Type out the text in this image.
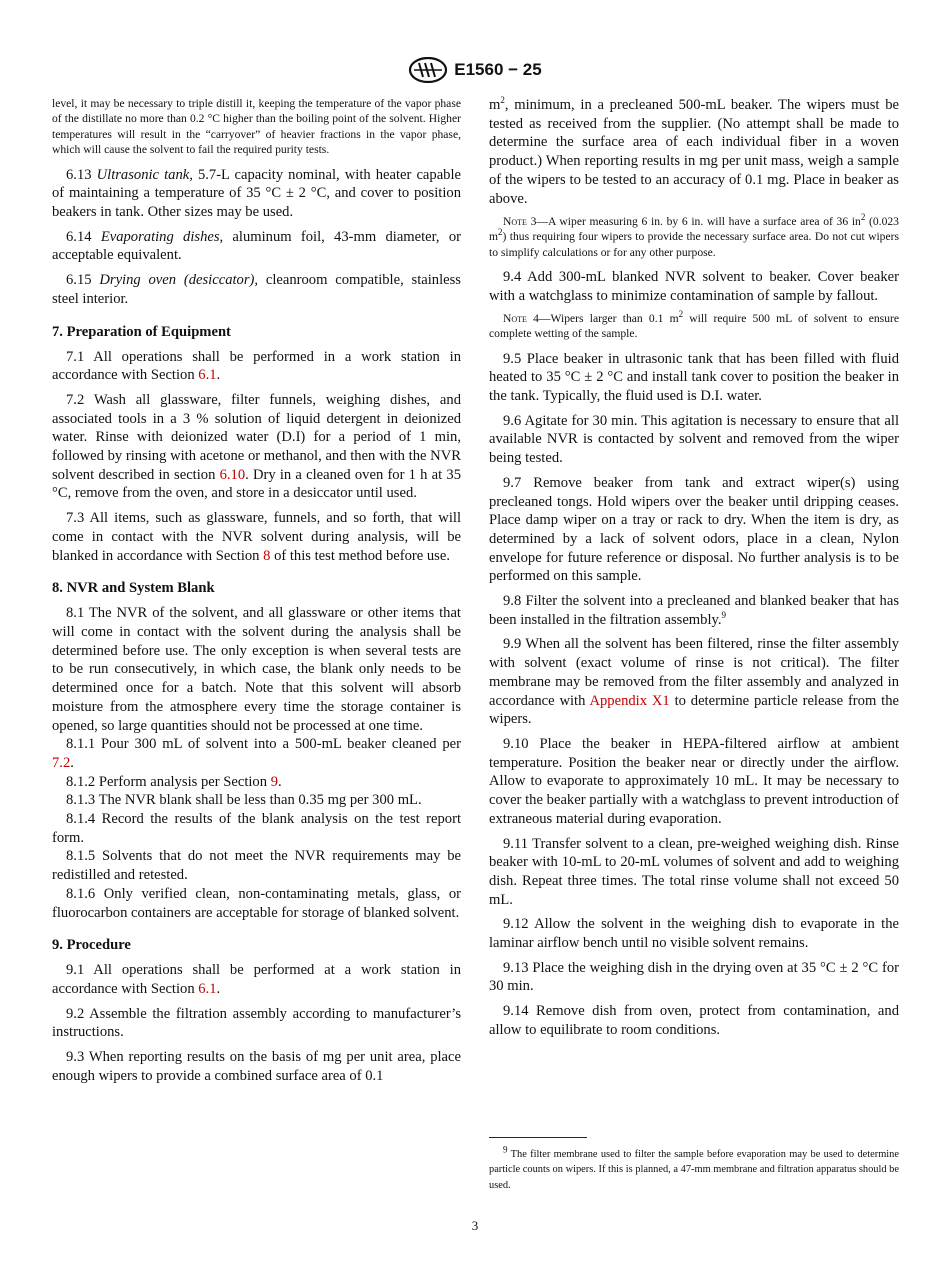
E1560 − 25

level, it may be necessary to triple distill it, keeping the temperature of the vapor phase of the distillate no more than 0.2 °C higher than the boiling point of the solvent. Higher temperatures will result in the “carryover” of heavier fractions in the vapor phase, which will cause the solvent to fail the required purity tests.

6.13 Ultrasonic tank, 5.7-L capacity nominal, with heater capable of maintaining a temperature of 35 °C ± 2 °C, and cover to position beakers in tank. Other sizes may be used.

6.14 Evaporating dishes, aluminum foil, 43-mm diameter, or acceptable equivalent.

6.15 Drying oven (desiccator), cleanroom compatible, stainless steel interior.

7. Preparation of Equipment

7.1 All operations shall be performed in a work station in accordance with Section 6.1.

7.2 Wash all glassware, filter funnels, weighing dishes, and associated tools in a 3 % solution of liquid detergent in deionized water. Rinse with deionized water (D.I) for a period of 1 min, followed by rinsing with acetone or methanol, and then with the NVR solvent described in section 6.10. Dry in a cleaned oven for 1 h at 35 °C, remove from the oven, and store in a desiccator until used.

7.3 All items, such as glassware, funnels, and so forth, that will come in contact with the NVR solvent during analysis, will be blanked in accordance with Section 8 of this test method before use.

8. NVR and System Blank

8.1 The NVR of the solvent, and all glassware or other items that will come in contact with the solvent during the analysis shall be determined before use. The only exception is when several tests are to be run consecutively, in which case, the blank only needs to be determined once for a batch. Note that this solvent will absorb moisture from the atmosphere every time the storage container is opened, so large quantities should not be processed at one time.

8.1.1 Pour 300 mL of solvent into a 500-mL beaker cleaned per 7.2.

8.1.2 Perform analysis per Section 9.

8.1.3 The NVR blank shall be less than 0.35 mg per 300 mL.

8.1.4 Record the results of the blank analysis on the test report form.

8.1.5 Solvents that do not meet the NVR requirements may be redistilled and retested.

8.1.6 Only verified clean, non-contaminating metals, glass, or fluorocarbon containers are acceptable for storage of blanked solvent.

9. Procedure

9.1 All operations shall be performed at a work station in accordance with Section 6.1.

9.2 Assemble the filtration assembly according to manufacturer’s instructions.

9.3 When reporting results on the basis of mg per unit area, place enough wipers to provide a combined surface area of 0.1

$m^2$, minimum, in a precleaned 500-mL beaker. The wipers must be tested as received from the supplier. (No attempt shall be made to determine the surface area of each individual fiber in a woven product.) When reporting results in mg per unit mass, weigh a sample of the wipers to be tested to an accuracy of 0.1 mg. Place in beaker as above.

Note 3—A wiper measuring 6 in. by 6 in. will have a surface area of 36 $in^2$ (0.023 $m^2$) thus requiring four wipers to provide the necessary surface area. Do not cut wipers to simplify calculations or for any other purpose.

9.4 Add 300-mL blanked NVR solvent to beaker. Cover beaker with a watchglass to minimize contamination of sample by fallout.

Note 4—Wipers larger than 0.1 $m^2$ will require 500 mL of solvent to ensure complete wetting of the sample.

9.5 Place beaker in ultrasonic tank that has been filled with fluid heated to 35 °C ± 2 °C and install tank cover to position the beaker in the tank. Typically, the fluid used is D.I. water.

9.6 Agitate for 30 min. This agitation is necessary to ensure that all available NVR is contacted by solvent and removed from the wiper being tested.

9.7 Remove beaker from tank and extract wiper(s) using precleaned tongs. Hold wipers over the beaker until dripping ceases. Place damp wiper on a tray or rack to dry. When the item is dry, as determined by a lack of solvent odors, place in a clean, Nylon envelope for future reference or disposal. No further analysis is to be performed on this sample.

9.8 Filter the solvent into a precleaned and blanked beaker that has been installed in the filtration assembly.$^9$

9.9 When all the solvent has been filtered, rinse the filter assembly with solvent (exact volume of rinse is not critical). The filter membrane may be removed from the filter assembly and analyzed in accordance with Appendix X1 to determine particle release from the wipers.

9.10 Place the beaker in HEPA-filtered airflow at ambient temperature. Position the beaker near or directly under the airflow. Allow to evaporate to approximately 10 mL. It may be necessary to cover the beaker partially with a watchglass to prevent introduction of extraneous material during evaporation.

9.11 Transfer solvent to a clean, pre-weighed weighing dish. Rinse beaker with 10-mL to 20-mL volumes of solvent and add to weighing dish. Repeat three times. The total rinse volume shall not exceed 50 mL.

9.12 Allow the solvent in the weighing dish to evaporate in the laminar airflow bench until no visible solvent remains.

9.13 Place the weighing dish in the drying oven at 35 °C ± 2 °C for 30 min.

9.14 Remove dish from oven, protect from contamination, and allow to equilibrate to room conditions.

$^9$ The filter membrane used to filter the sample before evaporation may be used to determine particle counts on wipers. If this is planned, a 47-mm membrane and filtration apparatus should be used.

3
